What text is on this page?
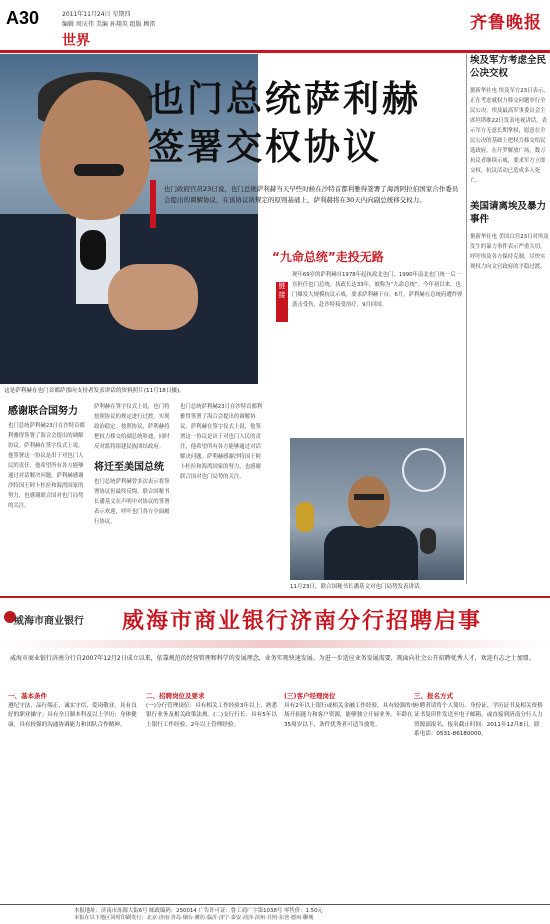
A30	2011年11月24日 星期四
编辑 周庆伟 美编 孙翔英 组版 顾雷
世界
齐鲁晚报
这是萨利赫在也门首都萨那向支持者发表讲话的资料照片(11月18日摄)。
也门总统萨利赫
签署交权协议
也门政府官员23日说，也门总统萨利赫当天早些时候在沙特首都利雅得签署了海湾阿拉伯国家合作委员会提出的调解协议，在该协议所规定的原则基础上，萨利赫将在30天内向副总统移交权力。
感谢联合国努力
也门总统萨利赫23日在沙特首都利雅得签署了海合会提出的调解协议。萨利赫在签字仪式上说，他签署这一协议是出于对也门人民的责任，他希望所有各方能够通过对话解决问题。萨利赫感谢沙特国王阿卜杜拉和海湾国家的努力，也感谢联合国对也门局势的关注。
萨利赫在签字仪式上说，也门将按照协议的规定进行过渡，实现政治稳定。按照协议，萨利赫将把权力移交给副总统哈迪，同时反对派将组建民族团结政府。
将迁至美国总统
也门总统萨利赫曾多次表示将签署协议但最终反悔。联合国秘书长潘基文在声明中对协议的签署表示欢迎，呼吁也门各方全面履行协议。
也门总统萨利赫23日在沙特首都利雅得签署了海合会提出的调解协议。萨利赫在签字仪式上说，他签署这一协议是出于对也门人民的责任，他希望所有各方能够通过对话解决问题。萨利赫感谢沙特国王阿卜杜拉和海湾国家的努力，也感谢联合国对也门局势的关注。
“九命总统”走投无路
链接
现年69岁的萨利赫自1978年起执政北也门，1990年南北也门统一后一直担任也门总统，执政长达33年，被称为“九命总统”。今年初以来，也门爆发大规模抗议示威，要求萨利赫下台。6月，萨利赫在总统府遭炸弹袭击受伤，赴沙特接受治疗，9月回国。
11月23日，联合国秘书长潘基文对也门局势发表讲话。
埃及军方考虑全民公决交权
据新华社电 埃及军方23日表示，正在考虑就权力移交问题举行全民公决。埃及最高军事委员会主席坦塔维22日发表电视讲话，表示军方无意长期掌权，愿意在全民公决的基础上把权力移交给民选政府。在开罗解放广场，数万抗议者继续示威，要求军方立即交权，抗议活动已造成多人死亡。
美国请离埃及暴力事件
据新华社电 美国白宫23日对埃及发生的暴力事件表示严重关切，呼吁埃及各方保持克制，尽快实现权力向文官政府的平稳过渡。
威海市商业银行 威海市商业银行济南分行招聘启事
威海市商业银行济南分行自2007年12月2日成立以来，依靠规范的经营管理和科学的发展理念，业务实现快速发展。为进一步适应业务发展需要，现面向社会公开招聘优秀人才，欢迎有志之士加盟。
一、基本条件
遵纪守法，品行端正，诚实守信，爱岗敬业，具有良好的职业操守；具有全日制本科及以上学历；身体健康，具有较强的沟通协调能力和团队合作精神。
二、招聘岗位及要求
(一)分行管理岗位：具有相关工作经验3年以上，熟悉银行业务及相关政策法规。(二)支行行长：具有5年以上银行工作经验，2年以上管理经验。
(三)客户经理岗位
具有2年以上银行或相关金融工作经验，具有较强的市场开拓能力和客户资源，能够独立开展业务。年龄在35周岁以下，条件优秀者可适当放宽。
三、报名方式
应聘者请将个人简历、身份证、学历证书及相关资格证书复印件发送至电子邮箱，或直接到济南分行人力资源部报名。报名截止时间：2011年12月8日。联系电话：0531-86180000。
本报地址：济南市泺源大街6号 邮政编码：250014 广告许可证：鲁工商广字第1038号 零售价：1.50元
本报在以下地区同时印刷发行：北京·济南·青岛·烟台·潍坊·临沂·济宁·泰安·菏泽·滨州·日照·东营·德州·聊城
